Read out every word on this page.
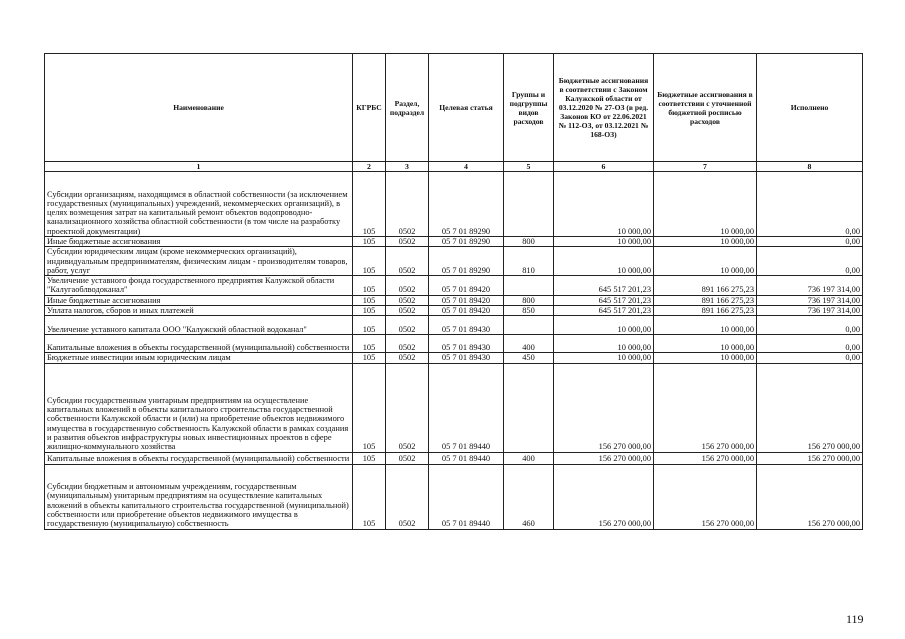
Наименование	КГРБС	Раздел, подраздел	Целевая статья	Группы и подгруппы видов расходов	Бюджетные ассигнования в соответствии с Законом Калужской области от 03.12.2020 № 27-ОЗ (в ред. Законов КО от 22.06.2021 № 112-ОЗ, от 03.12.2021 № 168-ОЗ)	Бюджетные ассигнования в соответствии с уточненной бюджетной росписью расходов	Исполнено
1	2	3	4	5	6	7	8
Субсидии организациям, находящимся в областной собственности (за исключением государственных (муниципальных) учреждений, некоммерческих организаций), в целях возмещения затрат на капитальный ремонт объектов водопроводно-канализационного хозяйства областной собственности (в том числе на разработку проектной документации)	105	0502	05 7 01 89290		10 000,00	10 000,00	0,00
Иные бюджетные ассигнования	105	0502	05 7 01 89290	800	10 000,00	10 000,00	0,00
Субсидии юридическим лицам (кроме некоммерческих организаций), индивидуальным предпринимателям, физическим лицам - производителям товаров, работ, услуг	105	0502	05 7 01 89290	810	10 000,00	10 000,00	0,00
Увеличение уставного фонда государственного предприятия Калужской области "Калугаоблводоканал"	105	0502	05 7 01 89420		645 517 201,23	891 166 275,23	736 197 314,00
Иные бюджетные ассигнования	105	0502	05 7 01 89420	800	645 517 201,23	891 166 275,23	736 197 314,00
Уплата налогов, сборов и иных платежей	105	0502	05 7 01 89420	850	645 517 201,23	891 166 275,23	736 197 314,00
Увеличение уставного капитала ООО "Калужский областной водоканал"	105	0502	05 7 01 89430		10 000,00	10 000,00	0,00
Капитальные вложения в объекты государственной (муниципальной) собственности	105	0502	05 7 01 89430	400	10 000,00	10 000,00	0,00
Бюджетные инвестиции иным юридическим лицам	105	0502	05 7 01 89430	450	10 000,00	10 000,00	0,00
Субсидии государственным унитарным предприятиям на осуществление капитальных вложений в объекты капитального строительства государственной собственности Калужской области и (или) на приобретение объектов недвижимого имущества в государственную собственность Калужской области в рамках создания и развития объектов инфраструктуры новых инвестиционных проектов в сфере жилищно-коммунального хозяйства	105	0502	05 7 01 89440		156 270 000,00	156 270 000,00	156 270 000,00
Капитальные вложения в объекты государственной (муниципальной) собственности	105	0502	05 7 01 89440	400	156 270 000,00	156 270 000,00	156 270 000,00
Субсидии бюджетным и автономным учреждениям, государственным (муниципальным) унитарным предприятиям на осуществление капитальных вложений в объекты капитального строительства государственной (муниципальной) собственности или приобретение объектов недвижимого имущества в государственную (муниципальную) собственность	105	0502	05 7 01 89440	460	156 270 000,00	156 270 000,00	156 270 000,00
119
